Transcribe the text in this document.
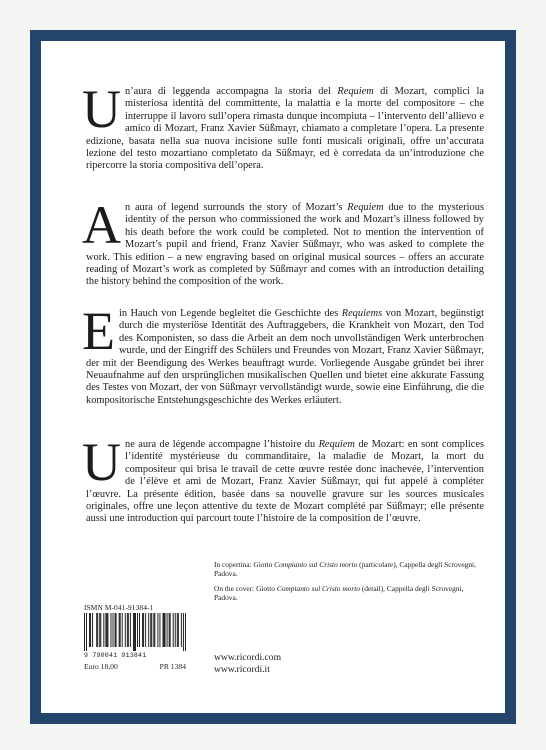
U n’aura di leggenda accompagna la storia del Requiem di Mozart, complici la misteriosa identità del committente, la malattia e la morte del compositore – che interruppe il lavoro sull’opera rimasta dunque incompiuta – l’intervento dell’allievo e amico di Mozart, Franz Xavier Süßmayr, chiamato a completare l’opera. La presente edizione, basata nella sua nuova incisione sulle fonti musicali originali, offre un’accurata lezione del testo mozartiano completato da Süßmayr, ed è corredata da un’introduzione che ripercorre la storia compositiva dell’opera.

A n aura of legend surrounds the story of Mozart’s Requiem due to the mysterious identity of the person who commissioned the work and Mozart’s illness followed by his death before the work could be completed. Not to mention the intervention of Mozart’s pupil and friend, Franz Xavier Süßmayr, who was asked to complete the work. This edition – a new engraving based on original musical sources – offers an accurate reading of Mozart’s work as completed by Süßmayr and comes with an introduction detailing the history behind the composition of the work.

E in Hauch von Legende begleitet die Geschichte des Requiems von Mozart, begünstigt durch die mysteriöse Identität des Auftraggebers, die Krankheit von Mozart, den Tod des Komponisten, so dass die Arbeit an dem noch unvollständigen Werk unterbrochen wurde, und der Eingriff des Schülers und Freundes von Mozart, Franz Xavier Süßmayr, der mit der Beendigung des Werkes beauftragt wurde. Vorliegende Ausgabe gründet bei ihrer Neuaufnahme auf den ursprünglichen musikalischen Quellen und bietet eine akkurate Fassung des Testes von Mozart, der von Süßmayr vervollständigt wurde, sowie eine Einführung, die die kompositorische Entstehungsgeschichte des Werkes erläutert.

U ne aura de légende accompagne l’histoire du Requiem de Mozart: en sont complices l’identité mystérieuse du commanditaire, la maladie de Mozart, la mort du compositeur qui brisa le travail de cette œuvre restée donc inachevée, l’intervention de l’élève et ami de Mozart, Franz Xavier Süßmayr, qui fut appelé à compléter l’œuvre. La présente édition, basée dans sa nouvelle gravure sur les sources musicales originales, offre une leçon attentive du texte de Mozart complété par Süßmayr; elle présente aussi une introduction qui parcourt toute l’histoire de la composition de l’œuvre.

In copertina: Giotto Compianto sul Cristo morto (particolare), Cappella degli Scrovegni, Padova.
On the cover: Giotto Compianto sul Cristo morto (detail), Cappella degli Scrovegni, Padova.
ISMN M-041-91384-1
9 790041 913841
Euro 18,00	PR 1384
www.ricordi.com
www.ricordi.it
